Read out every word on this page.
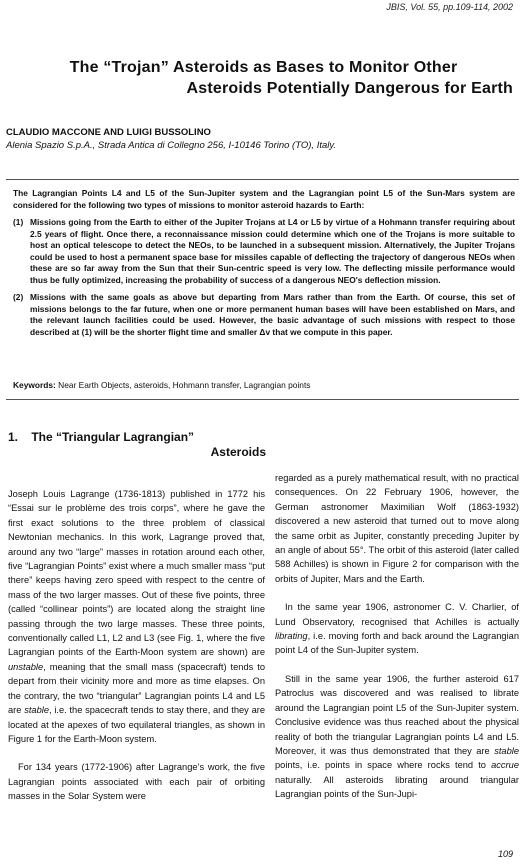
JBIS, Vol. 55, pp.109-114, 2002
The “Trojan” Asteroids as Bases to Monitor Other
Asteroids Potentially Dangerous for Earth
CLAUDIO MACCONE AND LUIGI BUSSOLINO
Alenia Spazio S.p.A., Strada Antica di Collegno 256, I-10146 Torino (TO), Italy.

The Lagrangian Points L4 and L5 of the Sun-Jupiter system and the Lagrangian point L5 of the Sun-Mars system are considered for the following two types of missions to monitor asteroid hazards to Earth:

(1) Missions going from the Earth to either of the Jupiter Trojans at L4 or L5 by virtue of a Hohmann transfer requiring about 2.5 years of flight. Once there, a reconnaissance mission could determine which one of the Trojans is more suitable to host an optical telescope to detect the NEOs, to be launched in a subsequent mission. Alternatively, the Jupiter Trojans could be used to host a permanent space base for missiles capable of deflecting the trajectory of dangerous NEOs when these are so far away from the Sun that their Sun-centric speed is very low. The deflecting missile performance would thus be fully optimized, increasing the probability of success of a dangerous NEO's deflection mission.
(2) Missions with the same goals as above but departing from Mars rather than from the Earth. Of course, this set of missions belongs to the far future, when one or more permanent human bases will have been established on Mars, and the relevant launch facilities could be used. However, the basic advantage of such missions with respect to those described at (1) will be the shorter flight time and smaller Δv that we compute in this paper.
Keywords: Near Earth Objects, asteroids, Hohmann transfer, Lagrangian points
1.    The “Triangular Lagrangian”
Asteroids

Joseph Louis Lagrange (1736-1813) published in 1772 his “Essai sur le problème des trois corps”, where he gave the first exact solutions to the three problem of classical Newtonian mechanics. In this work, Lagrange proved that, around any two “large” masses in rotation around each other, five “Lagrangian Points” exist where a much smaller mass “put there” keeps having zero speed with respect to the centre of mass of the two larger masses. Out of these five points, three (called “collinear points”) are located along the straight line passing through the two large masses. These three points, conventionally called L1, L2 and L3 (see Fig. 1, where the five Lagrangian points of the Earth-Moon system are shown) are unstable, meaning that the small mass (spacecraft) tends to depart from their vicinity more and more as time elapses. On the contrary, the two “triangular” Lagrangian points L4 and L5 are stable, i.e. the spacecraft tends to stay there, and they are located at the apexes of two equilateral triangles, as shown in Figure 1 for the Earth-Moon system.

For 134 years (1772-1906) after Lagrange’s work, the five Lagrangian points associated with each pair of orbiting masses in the Solar System were

regarded as a purely mathematical result, with no practical consequences. On 22 February 1906, however, the German astronomer Maximilian Wolf (1863-1932) discovered a new asteroid that turned out to move along the same orbit as Jupiter, constantly preceding Jupiter by an angle of about 55°. The orbit of this asteroid (later called 588 Achilles) is shown in Figure 2 for comparison with the orbits of Jupiter, Mars and the Earth.

In the same year 1906, astronomer C. V. Charlier, of Lund Observatory, recognised that Achilles is actually librating, i.e. moving forth and back around the Lagrangian point L4 of the Sun-Jupiter system.

Still in the same year 1906, the further asteroid 617 Patroclus was discovered and was realised to librate around the Lagrangian point L5 of the Sun-Jupiter system. Conclusive evidence was thus reached about the physical reality of both the triangular Lagrangian points L4 and L5. Moreover, it was thus demonstrated that they are stable points, i.e. points in space where rocks tend to accrue naturally. All asteroids librating around triangular Lagrangian points of the Sun-Jupi-

109
